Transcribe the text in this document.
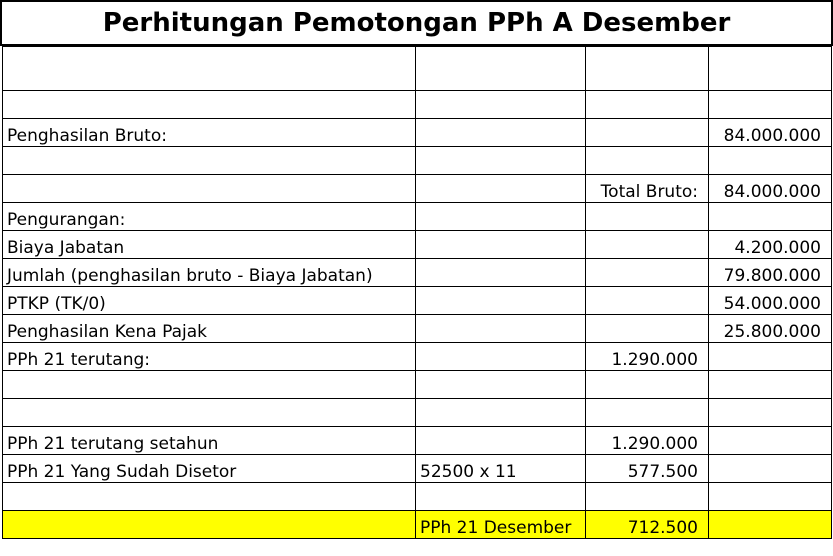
Perhitungan Pemotongan PPh A Desember

Penghasilan Bruto:			84.000.000

		Total Bruto:	84.000.000
Pengurangan:			
Biaya Jabatan			4.200.000
Jumlah (penghasilan bruto - Biaya Jabatan)			79.800.000
PTKP (TK/0)			54.000.000
Penghasilan Kena Pajak			25.800.000
PPh 21 terutang:		1.290.000	

PPh 21 terutang setahun		1.290.000	
PPh 21 Yang Sudah Disetor	52500 x 11	577.500	

	PPh 21 Desember	712.500	
